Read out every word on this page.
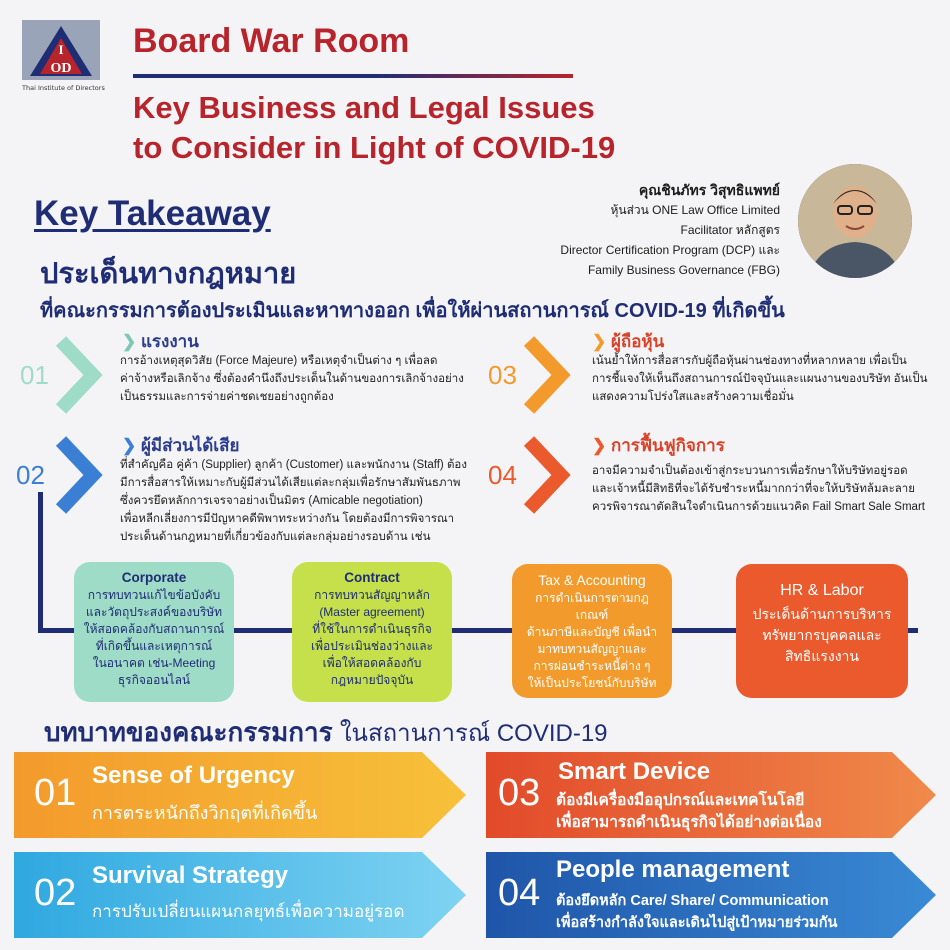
I
OD
Thai Institute of Directors
Board War Room
Key Business and Legal Issues
to Consider in Light of COVID-19
คุณชินภัทร วิสุทธิแพทย์
หุ้นส่วน ONE Law Office Limited
Facilitator หลักสูตร
Director Certification Program (DCP) และ
Family Business Governance (FBG)
Key Takeaway
ประเด็นทางกฎหมาย
ที่คณะกรรมการต้องประเมินและหาทางออก เพื่อให้ผ่านสถานการณ์ COVID-19 ที่เกิดขึ้น
01
❯ แรงงาน
การอ้างเหตุสุดวิสัย (Force Majeure) หรือเหตุจำเป็นต่าง ๆ เพื่อลด
ค่าจ้างหรือเลิกจ้าง ซึ่งต้องคำนึงถึงประเด็นในด้านของการเลิกจ้างอย่าง
เป็นธรรมและการจ่ายค่าชดเชยอย่างถูกต้อง
02
❯ ผู้มีส่วนได้เสีย
ที่สำคัญคือ คู่ค้า (Supplier) ลูกค้า (Customer) และพนักงาน (Staff) ต้อง
มีการสื่อสารให้เหมาะกับผู้มีส่วนได้เสียแต่ละกลุ่มเพื่อรักษาสัมพันธภาพ
ซึ่งควรยึดหลักการเจรจาอย่างเป็นมิตร (Amicable negotiation)
เพื่อหลีกเลี่ยงการมีปัญหาคดีพิพาทระหว่างกัน โดยต้องมีการพิจารณา
ประเด็นด้านกฎหมายที่เกี่ยวข้องกับแต่ละกลุ่มอย่างรอบด้าน เช่น
03
❯ ผู้ถือหุ้น
เน้นย้ำให้การสื่อสารกับผู้ถือหุ้นผ่านช่องทางที่หลากหลาย เพื่อเป็น
การชี้แจงให้เห็นถึงสถานการณ์ปัจจุบันและแผนงานของบริษัท อันเป็น
แสดงความโปร่งใสและสร้างความเชื่อมั่น
04
❯ การฟื้นฟูกิจการ
อาจมีความจำเป็นต้องเข้าสู่กระบวนการเพื่อรักษาให้บริษัทอยู่รอด
และเจ้าหนี้มีสิทธิที่จะได้รับชำระหนี้มากกว่าที่จะให้บริษัทล้มละลาย
ควรพิจารณาตัดสินใจดำเนินการด้วยแนวคิด Fail Smart Sale Smart
Corporate
การทบทวนแก้ไขข้อบังคับ
และวัตถุประสงค์ของบริษัท
ให้สอดคล้องกับสถานการณ์
ที่เกิดขึ้นและเหตุการณ์
ในอนาคต เช่น-Meeting
ธุรกิจออนไลน์
Contract
การทบทวนสัญญาหลัก
(Master agreement)
ที่ใช้ในการดำเนินธุรกิจ
เพื่อประเมินช่องว่างและ
เพื่อให้สอดคล้องกับ
กฎหมายปัจจุบัน
Tax & Accounting
การดำเนินการตามกฎเกณฑ์
ด้านภาษีและบัญชี เพื่อนำ
มาทบทวนสัญญาและ
การผ่อนชำระหนี้ต่าง ๆ
ให้เป็นประโยชน์กับบริษัท
HR & Labor
ประเด็นด้านการบริหาร
ทรัพยากรบุคคลและ
สิทธิแรงงาน
บทบาทของคณะกรรมการ ในสถานการณ์ COVID-19
01 Sense of Urgency
การตระหนักถึงวิกฤตที่เกิดขึ้น
02 Survival Strategy
การปรับเปลี่ยนแผนกลยุทธ์เพื่อความอยู่รอด
03
Smart Device
ต้องมีเครื่องมืออุปกรณ์และเทคโนโลยี
เพื่อสามารถดำเนินธุรกิจได้อย่างต่อเนื่อง
04
People management
ต้องยึดหลัก Care/ Share/ Communication
เพื่อสร้างกำลังใจและเดินไปสู่เป้าหมายร่วมกัน
